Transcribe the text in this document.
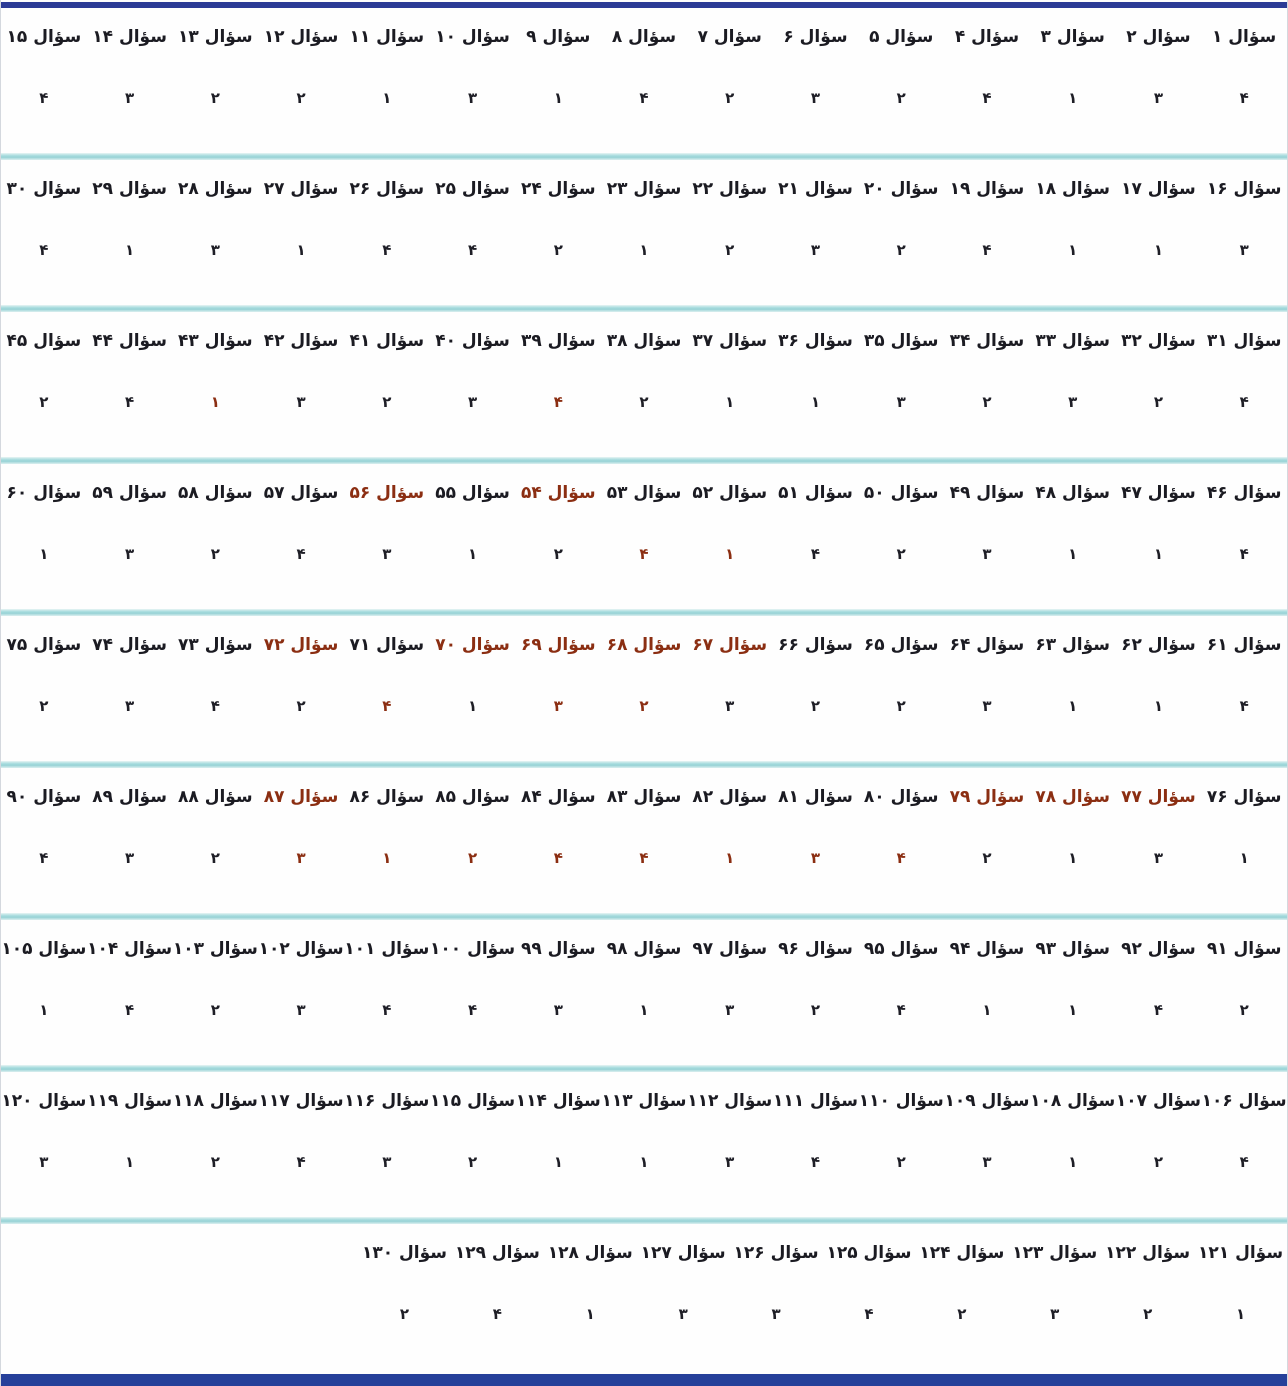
سؤال ۱
سؤال ۲
سؤال ۳
سؤال ۴
سؤال ۵
سؤال ۶
سؤال ۷
سؤال ۸
سؤال ۹
سؤال ۱۰
سؤال ۱۱
سؤال ۱۲
سؤال ۱۳
سؤال ۱۴
سؤال ۱۵
۴
۳
۱
۴
۲
۳
۲
۴
۱
۳
۱
۲
۲
۳
۴
سؤال ۱۶
سؤال ۱۷
سؤال ۱۸
سؤال ۱۹
سؤال ۲۰
سؤال ۲۱
سؤال ۲۲
سؤال ۲۳
سؤال ۲۴
سؤال ۲۵
سؤال ۲۶
سؤال ۲۷
سؤال ۲۸
سؤال ۲۹
سؤال ۳۰
۳
۱
۱
۴
۲
۳
۲
۱
۲
۴
۴
۱
۳
۱
۴
سؤال ۳۱
سؤال ۳۲
سؤال ۳۳
سؤال ۳۴
سؤال ۳۵
سؤال ۳۶
سؤال ۳۷
سؤال ۳۸
سؤال ۳۹
سؤال ۴۰
سؤال ۴۱
سؤال ۴۲
سؤال ۴۳
سؤال ۴۴
سؤال ۴۵
۴
۲
۳
۲
۳
۱
۱
۲
۴
۳
۲
۳
۱
۴
۲
سؤال ۴۶
سؤال ۴۷
سؤال ۴۸
سؤال ۴۹
سؤال ۵۰
سؤال ۵۱
سؤال ۵۲
سؤال ۵۳
سؤال ۵۴
سؤال ۵۵
سؤال ۵۶
سؤال ۵۷
سؤال ۵۸
سؤال ۵۹
سؤال ۶۰
۴
۱
۱
۳
۲
۴
۱
۴
۲
۱
۳
۴
۲
۳
۱
سؤال ۶۱
سؤال ۶۲
سؤال ۶۳
سؤال ۶۴
سؤال ۶۵
سؤال ۶۶
سؤال ۶۷
سؤال ۶۸
سؤال ۶۹
سؤال ۷۰
سؤال ۷۱
سؤال ۷۲
سؤال ۷۳
سؤال ۷۴
سؤال ۷۵
۴
۱
۱
۳
۲
۲
۳
۲
۳
۱
۴
۲
۴
۳
۲
سؤال ۷۶
سؤال ۷۷
سؤال ۷۸
سؤال ۷۹
سؤال ۸۰
سؤال ۸۱
سؤال ۸۲
سؤال ۸۳
سؤال ۸۴
سؤال ۸۵
سؤال ۸۶
سؤال ۸۷
سؤال ۸۸
سؤال ۸۹
سؤال ۹۰
۱
۳
۱
۲
۴
۳
۱
۴
۴
۲
۱
۳
۲
۳
۴
سؤال ۹۱
سؤال ۹۲
سؤال ۹۳
سؤال ۹۴
سؤال ۹۵
سؤال ۹۶
سؤال ۹۷
سؤال ۹۸
سؤال ۹۹
سؤال ۱۰۰
سؤال ۱۰۱
سؤال ۱۰۲
سؤال ۱۰۳
سؤال ۱۰۴
سؤال ۱۰۵
۲
۴
۱
۱
۴
۲
۳
۱
۳
۴
۴
۳
۲
۴
۱
سؤال ۱۰۶
سؤال ۱۰۷
سؤال ۱۰۸
سؤال ۱۰۹
سؤال ۱۱۰
سؤال ۱۱۱
سؤال ۱۱۲
سؤال ۱۱۳
سؤال ۱۱۴
سؤال ۱۱۵
سؤال ۱۱۶
سؤال ۱۱۷
سؤال ۱۱۸
سؤال ۱۱۹
سؤال ۱۲۰
۴
۲
۱
۳
۲
۴
۳
۱
۱
۲
۳
۴
۲
۱
۳
سؤال ۱۲۱
سؤال ۱۲۲
سؤال ۱۲۳
سؤال ۱۲۴
سؤال ۱۲۵
سؤال ۱۲۶
سؤال ۱۲۷
سؤال ۱۲۸
سؤال ۱۲۹
سؤال ۱۳۰
۱
۲
۳
۲
۴
۳
۳
۱
۴
۲
